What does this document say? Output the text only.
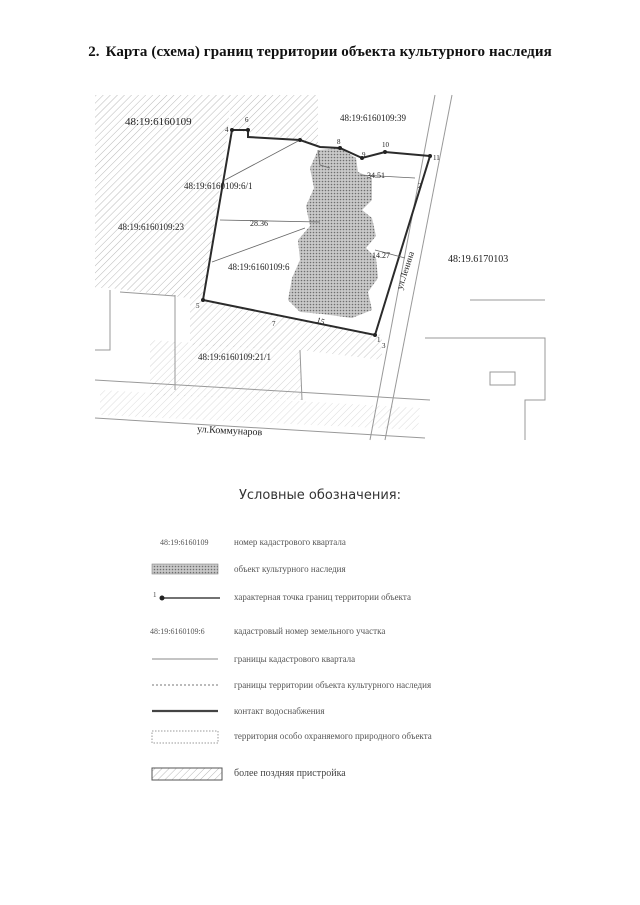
2. Карта (схема) границ территории объекта культурного наследия
48:19:6160109
48:19.6170103
48:19:6160109:39
48:19:6160109:6/1
48:19:6160109:23
48:19:6160109:6
48:19:6160109:21/1
ул.Ленина
ул.Коммунаров
1
2
3
4
5
6
7
8
9
10
11
34.51
28.36
14.27
15
Условные обозначения:
48:19:6160109	номер кадастрового квартала
объект культурного наследия
1	характерная точка границ территории объекта
48:19:6160109:6	кадастровый номер земельного участка
границы кадастрового квартала
границы территории объекта культурного наследия
контакт водоснабжения
территория особо охраняемого природного объекта
более поздняя пристройка
